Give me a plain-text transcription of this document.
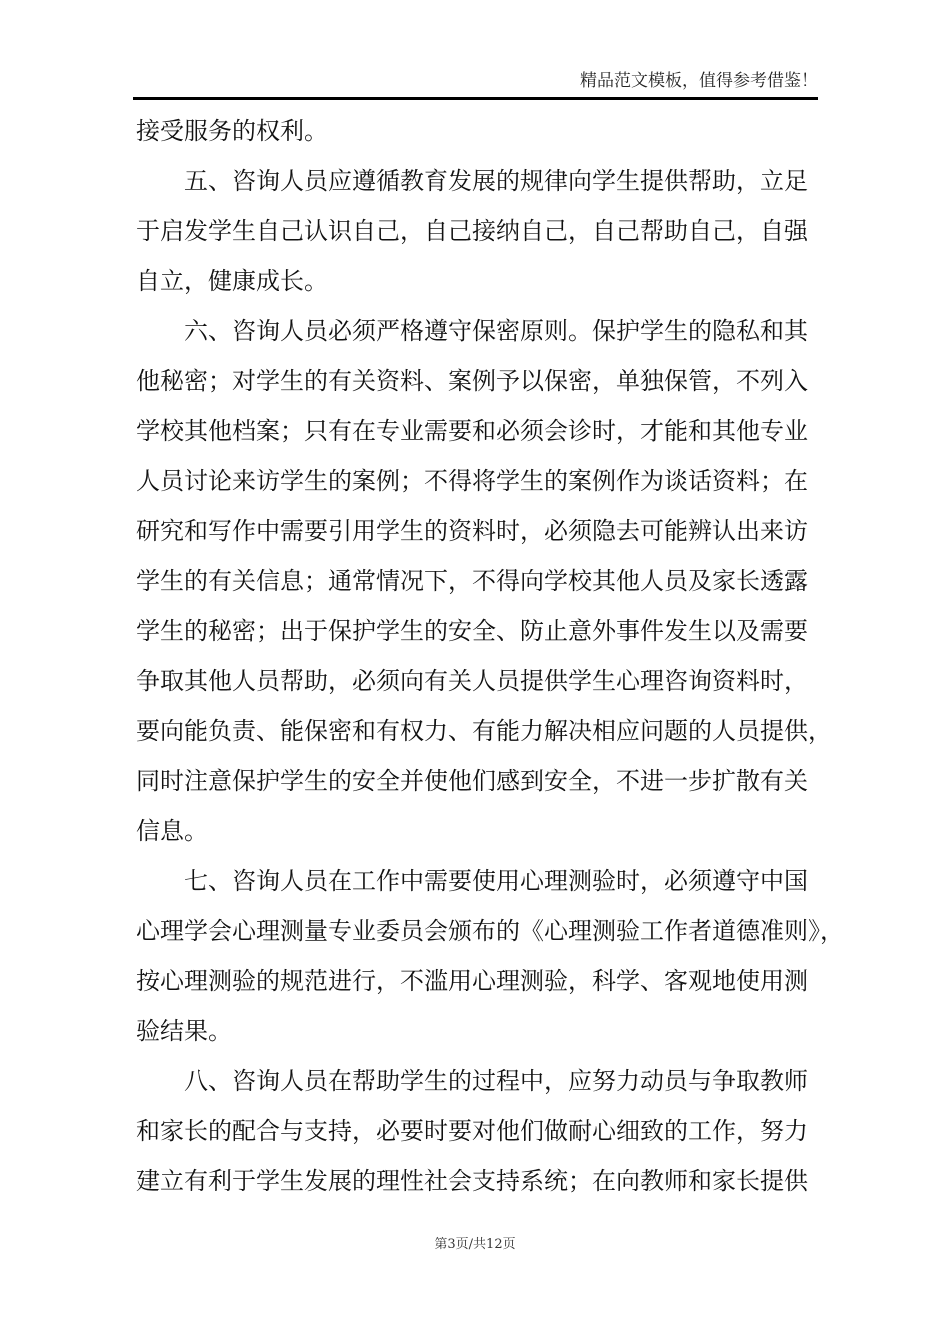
精品范文模板，值得参考借鉴！
接受服务的权利。
五、咨询人员应遵循教育发展的规律向学生提供帮助，立足
于启发学生自己认识自己，自己接纳自己，自己帮助自己，自强
自立，健康成长。
六、咨询人员必须严格遵守保密原则。保护学生的隐私和其
他秘密；对学生的有关资料、案例予以保密，单独保管，不列入
学校其他档案；只有在专业需要和必须会诊时，才能和其他专业
人员讨论来访学生的案例；不得将学生的案例作为谈话资料；在
研究和写作中需要引用学生的资料时，必须隐去可能辨认出来访
学生的有关信息；通常情况下，不得向学校其他人员及家长透露
学生的秘密；出于保护学生的安全、防止意外事件发生以及需要
争取其他人员帮助，必须向有关人员提供学生心理咨询资料时，
要向能负责、能保密和有权力、有能力解决相应问题的人员提供，
同时注意保护学生的安全并使他们感到安全，不进一步扩散有关
信息。
七、咨询人员在工作中需要使用心理测验时，必须遵守中国
心理学会心理测量专业委员会颁布的《心理测验工作者道德准则》，
按心理测验的规范进行，不滥用心理测验，科学、客观地使用测
验结果。
八、咨询人员在帮助学生的过程中，应努力动员与争取教师
和家长的配合与支持，必要时要对他们做耐心细致的工作，努力
建立有利于学生发展的理性社会支持系统；在向教师和家长提供
第3页/共12页
